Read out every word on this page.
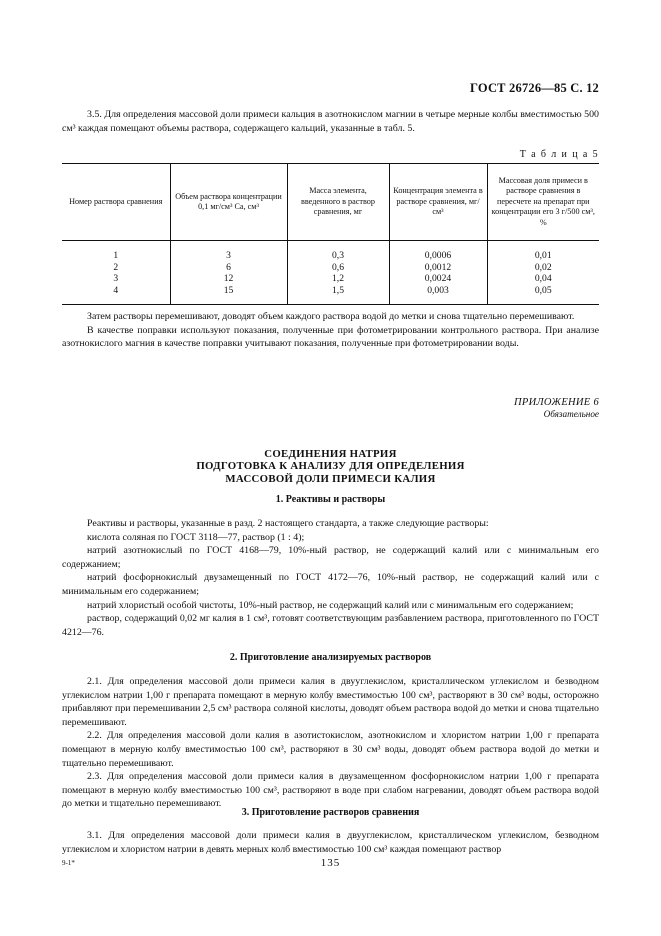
ГОСТ 26726—85 С. 12

3.5. Для определения массовой доли примеси кальция в азотнокислом магнии в четыре мерные колбы вместимостью 500 см³ каждая помещают объемы раствора, содержащего кальций, указанные в табл. 5.

Т а б л и ц а 5
Номер раствора сравнения	Объем раствора концентрации 0,1 мг/см³ Ca, см³	Масса элемента, введенного в раствор сравнения, мг	Концентрация элемента в растворе сравнения, мг/см³	Массовая доля примеси в растворе сравнения в пересчете на препарат при концентрации его 3 г/500 см³, %
1	3	0,3	0,0006	0,01
2	6	0,6	0,0012	0,02
3	12	1,2	0,0024	0,04
4	15	1,5	0,003	0,05

Затем растворы перемешивают, доводят объем каждого раствора водой до метки и снова тщательно перемешивают.

В качестве поправки используют показания, полученные при фотометрировании контрольного раствора. При анализе азотнокислого магния в качестве поправки учитывают показания, полученные при фотометрировании воды.

ПРИЛОЖЕНИЕ 6
Обязательное
СОЕДИНЕНИЯ НАТРИЯ
ПОДГОТОВКА К АНАЛИЗУ ДЛЯ ОПРЕДЕЛЕНИЯ
МАССОВОЙ ДОЛИ ПРИМЕСИ КАЛИЯ
1. Реактивы и растворы

Реактивы и растворы, указанные в разд. 2 настоящего стандарта, а также следующие растворы:

кислота соляная по ГОСТ 3118—77, раствор (1 : 4);

натрий азотнокислый по ГОСТ 4168—79, 10%-ный раствор, не содержащий калий или с минимальным его содержанием;

натрий фосфорнокислый двузамещенный по ГОСТ 4172—76, 10%-ный раствор, не содержащий калий или с минимальным его содержанием;

натрий хлористый особой чистоты, 10%-ный раствор, не содержащий калий или с минимальным его содержанием;

раствор, содержащий 0,02 мг калия в 1 см³, готовят соответствующим разбавлением раствора, приготовленного по ГОСТ 4212—76.

2. Приготовление анализируемых растворов

2.1. Для определения массовой доли примеси калия в двууглекислом, кристаллическом углекислом и безводном углекислом натрии 1,00 г препарата помещают в мерную колбу вместимостью 100 см³, растворяют в 30 см³ воды, осторожно прибавляют при перемешивании 2,5 см³ раствора соляной кислоты, доводят объем раствора водой до метки и снова тщательно перемешивают.

2.2. Для определения массовой доли калия в азотистокислом, азотнокислом и хлористом натрии 1,00 г препарата помещают в мерную колбу вместимостью 100 см³, растворяют в 30 см³ воды, доводят объем раствора водой до метки и тщательно перемешивают.

2.3. Для определения массовой доли примеси калия в двузамещенном фосфорнокислом натрии 1,00 г препарата помещают в мерную колбу вместимостью 100 см³, растворяют в воде при слабом нагревании, доводят объем раствора водой до метки и тщательно перемешивают.

3. Приготовление растворов сравнения

3.1. Для определения массовой доли примеси калия в двууглекислом, кристаллическом углекислом, безводном углекислом и хлористом натрии в девять мерных колб вместимостью 100 см³ каждая помещают раствор

9-1*	135
